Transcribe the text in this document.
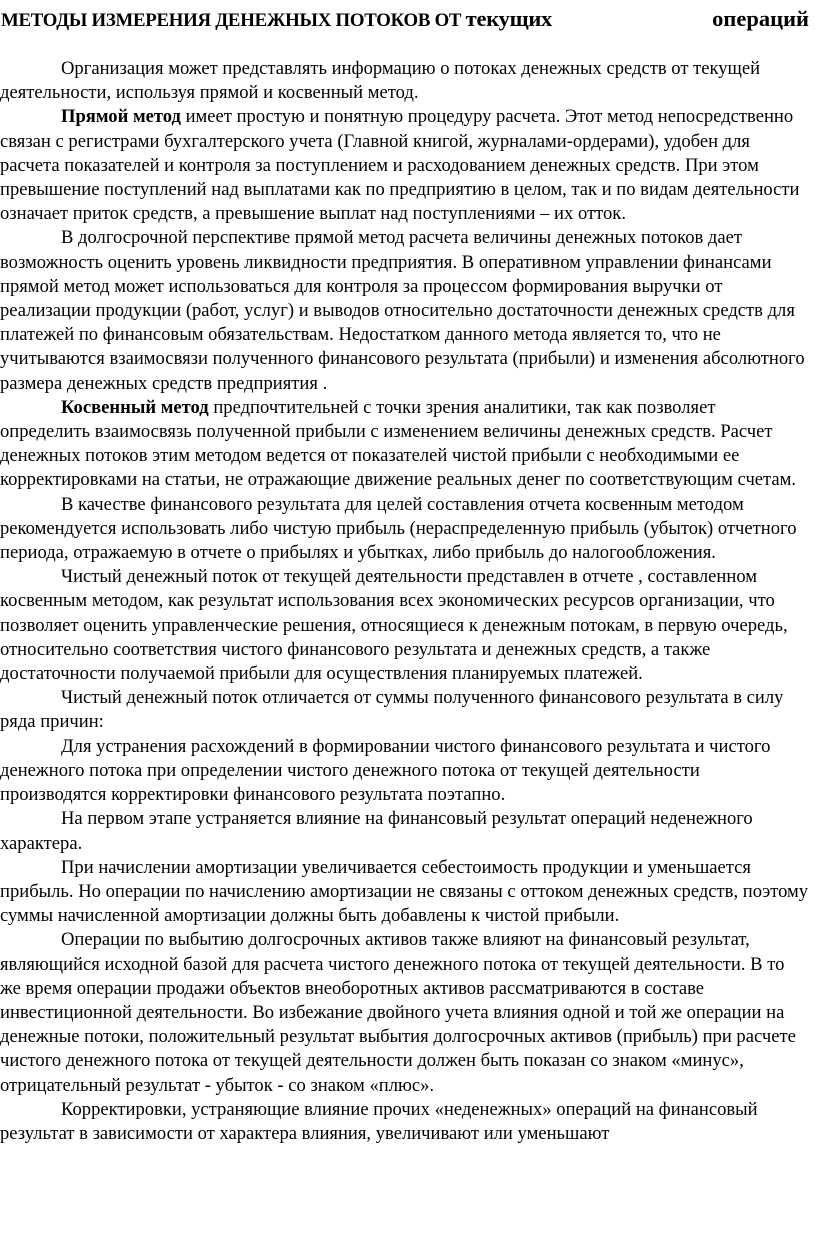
МЕТОДЫ ИЗМЕРЕНИЯ ДЕНЕЖНЫХ ПОТОКОВ ОТ текущих	операций

Организация может представлять информацию о потоках денежных средств от текущей деятельности, используя прямой и косвенный метод.

Прямой метод имеет простую и понятную процедуру расчета. Этот метод непосредственно связан с регистрами бухгалтерского учета (Главной книгой, журналами-ордерами), удобен для расчета показателей и контроля за поступлением и расходованием денежных средств. При этом превышение поступлений над выплатами как по предприятию в целом, так и по видам деятельности означает приток средств, а превышение выплат над поступлениями – их отток.

В долгосрочной перспективе прямой метод расчета величины денежных потоков дает возможность оценить уровень ликвидности предприятия. В оперативном управлении финансами прямой метод может использоваться для контроля за процессом формирования выручки от реализации продукции (работ, услуг) и выводов относительно достаточности денежных средств для платежей по финансовым обязательствам. Недостатком данного метода является то, что не учитываются взаимосвязи полученного финансового результата (прибыли) и изменения абсолютного размера денежных средств предприятия .

Косвенный метод предпочтительней с точки зрения аналитики, так как позволяет определить взаимосвязь полученной прибыли с изменением величины денежных средств. Расчет денежных потоков этим методом ведется от показателей чистой прибыли с необходимыми ее корректировками на статьи, не отражающие движение реальных денег по соответствующим счетам.

В качестве финансового результата для целей составления отчета косвенным методом рекомендуется использовать либо чистую прибыль (нераспределенную прибыль (убыток) отчетного периода, отражаемую в отчете о прибылях и убытках, либо прибыль до налогообложения.

Чистый денежный поток от текущей деятельности представлен в отчете , составленном косвенным методом, как результат использования всех экономических ресурсов организации, что позволяет оценить управленческие решения, относящиеся к денежным потокам, в первую очередь, относительно соответствия чистого финансового результата и денежных средств, а также достаточности получаемой прибыли для осуществления планируемых платежей.

Чистый денежный поток отличается от суммы полученного финансового результата в силу ряда причин:

Для устранения расхождений в формировании чистого финансового результата и чистого денежного потока при определении чистого денежного потока от текущей деятельности производятся корректировки финансового результата поэтапно.

На первом этапе устраняется влияние на финансовый результат операций неденежного характера.

При начислении амортизации увеличивается себестоимость продукции и уменьшается прибыль. Но операции по начислению амортизации не связаны с оттоком денежных средств, поэтому суммы начисленной амортизации должны быть добавлены к чистой прибыли.

Операции по выбытию долгосрочных активов также влияют на финансовый результат, являющийся исходной базой для расчета чистого денежного потока от текущей деятельности. В то же время операции продажи объектов внеоборотных активов рассматриваются в составе инвестиционной деятельности. Во избежание двойного учета влияния одной и той же операции на денежные потоки, положительный результат выбытия долгосрочных активов (прибыль) при расчете чистого денежного потока от текущей деятельности должен быть показан со знаком «минус», отрицательный результат - убыток - со знаком «плюс».

Корректировки, устраняющие влияние прочих «неденежных» операций на финансовый результат в зависимости от характера влияния, увеличивают или уменьшают
